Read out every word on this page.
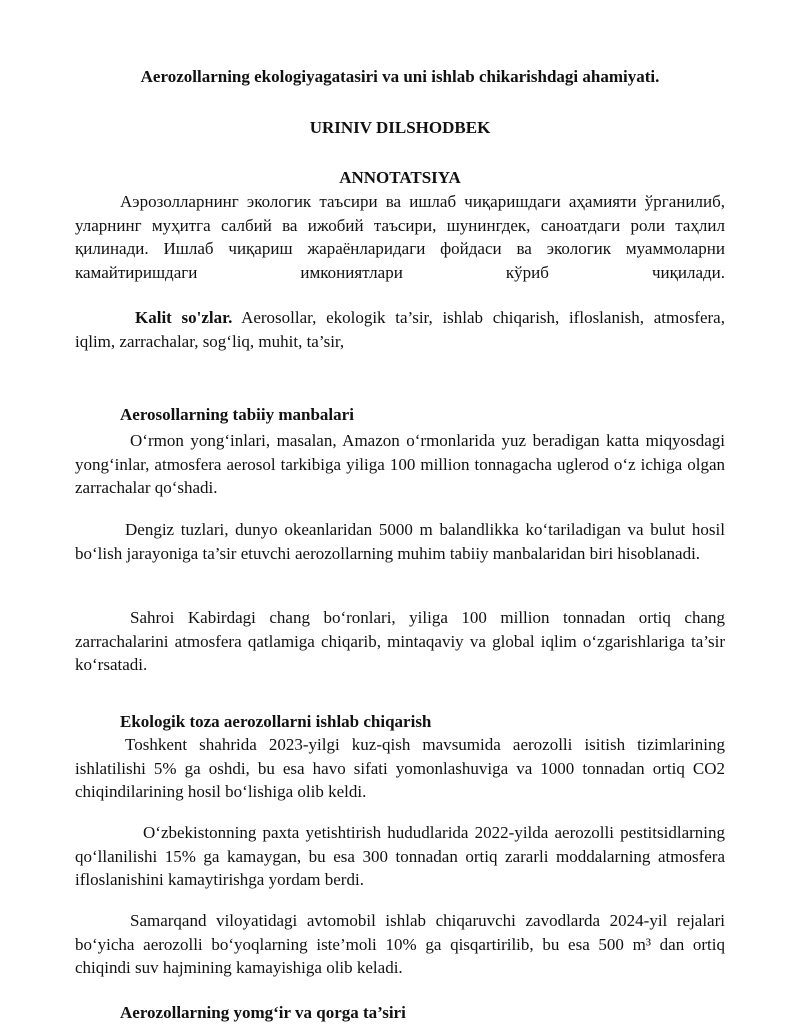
Aerozollarning ekologiyagatasiri va uni ishlab chikarishdagi ahamiyati.
URINIV DILSHODBEK
ANNOTATSIYA
Аэрозолларнинг экологик таъсири ва ишлаб чиқаришдаги аҳамияти ўрганилиб, уларнинг муҳитга салбий ва ижобий таъсири, шунингдек, саноатдаги роли таҳлил қилинади. Ишлаб чиқариш жараёнларидаги фойдаси ва экологик муаммоларни камайтиришдаги имкониятлари кўриб чиқилади.
Kalit so'zlar. Aerosollar, ekologik ta’sir, ishlab chiqarish, ifloslanish, atmosfera, iqlim, zarrachalar, sog‘liq, muhit, ta’sir,
Aerosollarning tabiiy manbalari
O‘rmon yong‘inlari, masalan, Amazon o‘rmonlarida yuz beradigan katta miqyosdagi yong‘inlar, atmosfera aerosol tarkibiga yiliga 100 million tonnagacha uglerod o‘z ichiga olgan zarrachalar qo‘shadi.
Dengiz tuzlari, dunyo okeanlaridan 5000 m balandlikka ko‘tariladigan va bulut hosil bo‘lish jarayoniga ta’sir etuvchi aerozollarning muhim tabiiy manbalaridan biri hisoblanadi.
Sahroi Kabirdagi chang bo‘ronlari, yiliga 100 million tonnadan ortiq chang zarrachalarini atmosfera qatlamiga chiqarib, mintaqaviy va global iqlim o‘zgarishlariga ta’sir ko‘rsatadi.
Ekologik toza aerozollarni ishlab chiqarish
Toshkent shahrida 2023-yilgi kuz-qish mavsumida aerozolli isitish tizimlarining ishlatilishi 5% ga oshdi, bu esa havo sifati yomonlashuviga va 1000 tonnadan ortiq CO2 chiqindilarining hosil bo‘lishiga olib keldi.
O‘zbekistonning paxta yetishtirish hududlarida 2022-yilda aerozolli pestitsidlarning qo‘llanilishi 15% ga kamaygan, bu esa 300 tonnadan ortiq zararli moddalarning atmosfera ifloslanishini kamaytirishga yordam berdi.
Samarqand viloyatidagi avtomobil ishlab chiqaruvchi zavodlarda 2024-yil rejalari bo‘yicha aerozolli bo‘yoqlarning iste’moli 10% ga qisqartirilib, bu esa 500 m³ dan ortiq chiqindi suv hajmining kamayishiga olib keladi.
Aerozollarning yomg‘ir va qorga ta’siri
